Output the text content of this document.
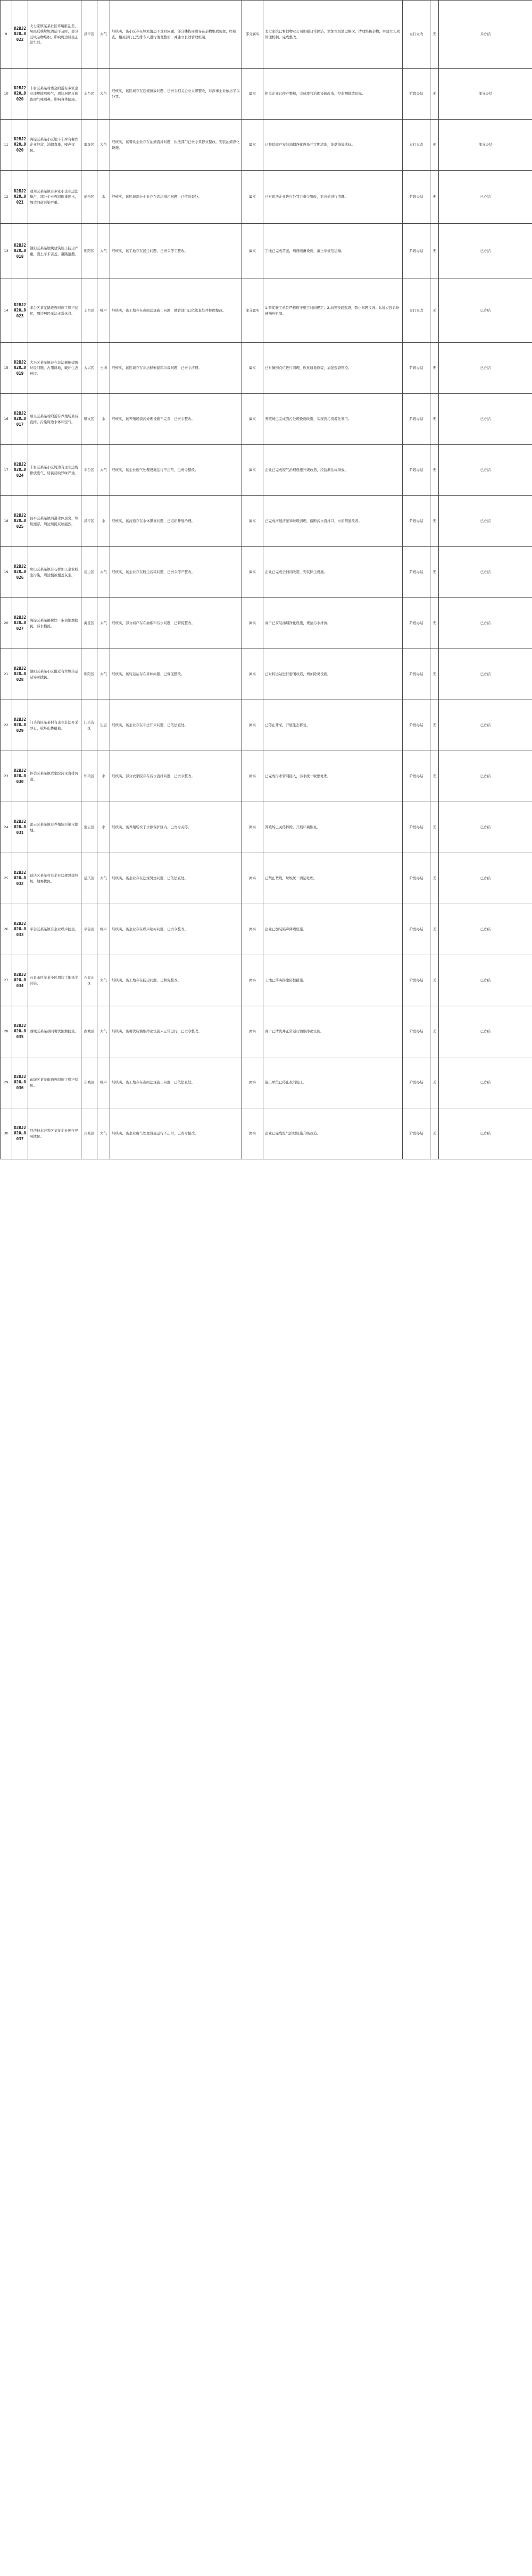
9	D2BJ2020…0022	北七家镇某某社区环境脏乱差，居民反映垃圾清运不及时，部分区域杂物堆积，影响周边居民正常生活。	昌平区	大气	经核实，该小区存在垃圾清运不及时问题，部分楼栋周边存在杂物堆放现象，经检查，相关部门已安排专人进行清理整治，并建立长效管理机制。	部分属实	北七家镇已督促物业公司加强日常保洁，增加垃圾清运频次，清理堆积杂物，并建立长效管理机制，完成整改。	立行立改	无	未办结
10	D2BJ2020…0020	丰台区某某村委会附近有多家企业违规排放废气，周边居民反映夜间气味刺鼻，影响身体健康。	丰台区	大气	经核实，该区域存在违规排放问题，已责令相关企业立即整改，对涉事企业依法予以处罚。	属实	相关企业已停产整顿，完成废气治理设施改造，经监测排放达标。	阶段办结	无	部分办结
11	D2BJ2020…0020	海淀区某某小区地下车库有餐饮企业经营，油烟直排，噪声扰民。	海淀区	大气	经核实，该餐饮企业存在油烟直排问题，执法部门已责令其停业整改，安装油烟净化设施。	属实	已督促商户安装油烟净化设备并定期清洗，油烟排放达标。	立行立改	无	部分办结
12	D2BJ2020…0021	通州区某某镇有多家小企业违法排污，部分企业夜间偷排废水，周边河道污染严重。	通州区	水	经核实，该区域部分企业存在违法排污问题，已依法查处。	属实	已对违法企业进行处罚并责令整改，对河道进行清理。	阶段办结	无	已办结
13	D2BJ2020…0018	朝阳区某某地块建筑施工扬尘严重，渣土车未苫盖，道路遗撒。	朝阳区	大气	经核实，该工地存在扬尘问题，已责令停工整改。	属实	工地已完成苫盖，增设喷淋设施，渣土车规范运输。	阶段办结	无	已办结
14	D2BJ2020…0023	丰台区某某路段夜间施工噪声扰民，周边居民无法正常休息。	丰台区	噪声	经核实，该工地存在夜间违规施工问题，城管部门已依法查处并督促整改。	部分属实	1.督促施工单位严格遵守施工时间规定；2.加强夜间巡查，防止问题反弹；3.建立投诉快速响应机制。	立行立改	无	已办结
15	D2BJ2020…0019	大兴区某某镇存在非法倾倒建筑垃圾问题，占用耕地，破坏生态环境。	大兴区	土壤	经核实，该区域存在非法倾倒建筑垃圾问题，已责令清理。	属实	已对倾倒点位进行清理，恢复耕地原貌，加强巡查管控。	阶段办结	无	已办结
16	D2BJ2020…0017	顺义区某某村附近有养殖场粪污直排，污染周边水体和空气。	顺义区	水	经核实，该养殖场粪污处理设施不完善，已责令整改。	属实	养殖场已完成粪污处理设施改造，实现粪污资源化利用。	阶段办结	无	已办结
17	D2BJ2020…0024	丰台区某某小区周边有企业违规排放废气，居民反映异味严重。	丰台区	大气	经核实，该企业废气处理设施运行不正常，已责令整改。	属实	企业已完成废气治理设施升级改造，经监测达标排放。	阶段办结	无	已办结
18	D2BJ2020…0025	昌平区某某镇河道水体黑臭，垃圾漂浮，周边居民反映强烈。	昌平区	水	经核实，该河道存在水体黑臭问题，已组织开展治理。	属实	已完成河道清淤和垃圾清理，截断污水直排口，水质明显改善。	阶段办结	无	已办结
19	D2BJ2020…0026	房山区某某镇有石材加工企业粉尘污染，周边植被覆盖灰尘。	房山区	大气	经核实，该企业存在粉尘污染问题，已责令停产整改。	属实	企业已完成全封闭改造，安装除尘设施。	阶段办结	无	已办结
20	D2BJ2020…0027	海淀区某某路餐饮一条街油烟扰民，污水横流。	海淀区	大气	经核实，部分商户存在油烟和污水问题，已督促整改。	属实	商户已安装油烟净化设施，规范污水排放。	阶段办结	无	已办结
21	D2BJ2020…0028	朝阳区某某小区附近有垃圾转运站异味扰民。	朝阳区	大气	经核实，该转运站存在异味问题，已督促整改。	属实	已对转运站进行密闭改造，增加除臭设施。	阶段办结	无	已办结
22	D2BJ2020…0029	门头沟区某某村有企业非法开采砂石，破坏山体植被。	门头沟区	生态	经核实，该企业存在非法开采问题，已依法查处。	属实	已停止开采，开展生态修复。	阶段办结	无	已办结
23	D2BJ2020…0030	怀柔区某某镇农家院污水直排河道。	怀柔区	水	经核实，部分农家院存在污水直排问题，已责令整改。	属实	已完成污水管网接入，污水统一收集处理。	阶段办结	无	已办结
24	D2BJ2020…0031	密云区某某镇有养殖场污染水源地。	密云区	水	经核实，该养殖场位于水源保护区内，已责令关停。	属实	养殖场已关停拆除，开展环境恢复。	阶段办结	无	已办结
25	D2BJ2020…0032	延庆区某某村有企业违规焚烧垃圾，烟雾扰民。	延庆区	大气	经核实，该企业存在违规焚烧问题，已依法查处。	属实	已禁止焚烧，垃圾统一清运处理。	阶段办结	无	已办结
26	D2BJ2020…0033	平谷区某某镇有企业噪声扰民。	平谷区	噪声	经核实，该企业存在噪声超标问题，已责令整改。	属实	企业已加装隔声降噪设施。	阶段办结	无	已办结
27	D2BJ2020…0034	石景山区某某小区周边工地扬尘污染。	石景山区	大气	经核实，该工地存在扬尘问题，已督促整改。	属实	工地已落实扬尘防控措施。	阶段办结	无	已办结
28	D2BJ2020…0035	西城区某某胡同餐饮油烟扰民。	西城区	大气	经核实，该餐饮店油烟净化设施未正常运行，已责令整改。	属实	商户已清洗并正常运行油烟净化设施。	阶段办结	无	已办结
29	D2BJ2020…0036	东城区某某街道夜间施工噪声扰民。	东城区	噪声	经核实，该工地存在夜间违规施工问题，已依法查处。	属实	施工单位已停止夜间施工。	阶段办结	无	已办结
30	D2BJ2020…0037	经济技术开发区某某企业废气异味扰民。	开发区	大气	经核实，该企业废气处理设施运行不正常，已责令整改。	属实	企业已完成废气治理设施升级改造。	阶段办结	无	已办结
